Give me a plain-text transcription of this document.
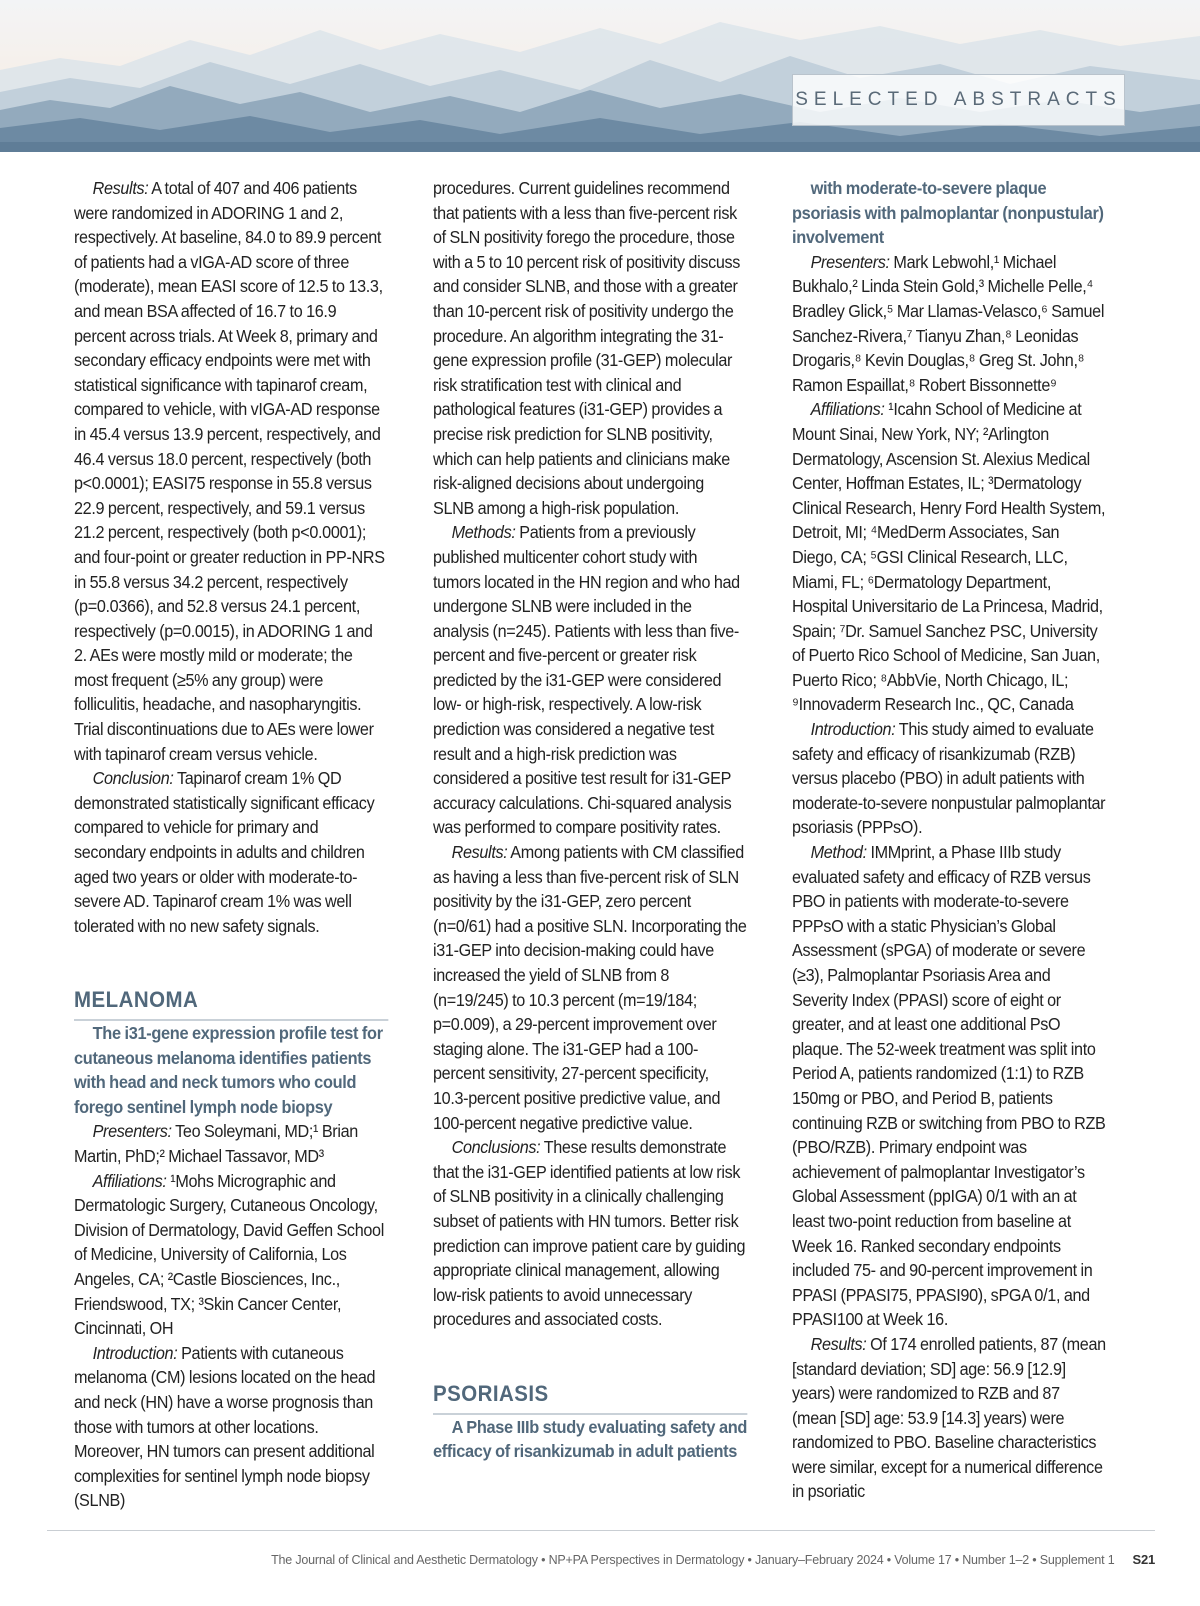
SELECTED ABSTRACTS

Results: A total of 407 and 406 patients were randomized in ADORING 1 and 2, respectively. At baseline, 84.0 to 89.9 percent of patients had a vIGA-AD score of three (moderate), mean EASI score of 12.5 to 13.3, and mean BSA affected of 16.7 to 16.9 percent across trials. At Week 8, primary and secondary efficacy endpoints were met with statistical significance with tapinarof cream, compared to vehicle, with vIGA-AD response in 45.4 versus 13.9 percent, respectively, and 46.4 versus 18.0 percent, respectively (both p<0.0001); EASI75 response in 55.8 versus 22.9 percent, respectively, and 59.1 versus 21.2 percent, respectively (both p<0.0001); and four-point or greater reduction in PP-NRS in 55.8 versus 34.2 percent, respectively (p=0.0366), and 52.8 versus 24.1 percent, respectively (p=0.0015), in ADORING 1 and 2. AEs were mostly mild or moderate; the most frequent (≥5% any group) were folliculitis, headache, and nasopharyngitis. Trial discontinuations due to AEs were lower with tapinarof cream versus vehicle.

Conclusion: Tapinarof cream 1% QD demonstrated statistically significant efficacy compared to vehicle for primary and secondary endpoints in adults and children aged two years or older with moderate-to-severe AD. Tapinarof cream 1% was well tolerated with no new safety signals.

MELANOMA

The i31-gene expression profile test for cutaneous melanoma identifies patients with head and neck tumors who could forego sentinel lymph node biopsy

Presenters: Teo Soleymani, MD;¹ Brian Martin, PhD;² Michael Tassavor, MD³

Affiliations: ¹Mohs Micrographic and Dermatologic Surgery, Cutaneous Oncology, Division of Dermatology, David Geffen School of Medicine, University of California, Los Angeles, CA; ²Castle Biosciences, Inc., Friendswood, TX; ³Skin Cancer Center, Cincinnati, OH

Introduction: Patients with cutaneous melanoma (CM) lesions located on the head and neck (HN) have a worse prognosis than those with tumors at other locations. Moreover, HN tumors can present additional complexities for sentinel lymph node biopsy (SLNB)

procedures. Current guidelines recommend that patients with a less than five-percent risk of SLN positivity forego the procedure, those with a 5 to 10 percent risk of positivity discuss and consider SLNB, and those with a greater than 10-percent risk of positivity undergo the procedure. An algorithm integrating the 31-gene expression profile (31-GEP) molecular risk stratification test with clinical and pathological features (i31-GEP) provides a precise risk prediction for SLNB positivity, which can help patients and clinicians make risk-aligned decisions about undergoing SLNB among a high-risk population.

Methods: Patients from a previously published multicenter cohort study with tumors located in the HN region and who had undergone SLNB were included in the analysis (n=245). Patients with less than five-percent and five-percent or greater risk predicted by the i31-GEP were considered low- or high-risk, respectively. A low-risk prediction was considered a negative test result and a high-risk prediction was considered a positive test result for i31-GEP accuracy calculations. Chi-squared analysis was performed to compare positivity rates.

Results: Among patients with CM classified as having a less than five-percent risk of SLN positivity by the i31-GEP, zero percent (n=0/61) had a positive SLN. Incorporating the i31-GEP into decision-making could have increased the yield of SLNB from 8 (n=19/245) to 10.3 percent (m=19/184; p=0.009), a 29-percent improvement over staging alone. The i31-GEP had a 100-percent sensitivity, 27-percent specificity, 10.3-percent positive predictive value, and 100-percent negative predictive value.

Conclusions: These results demonstrate that the i31-GEP identified patients at low risk of SLNB positivity in a clinically challenging subset of patients with HN tumors. Better risk prediction can improve patient care by guiding appropriate clinical management, allowing low-risk patients to avoid unnecessary procedures and associated costs.

PSORIASIS

A Phase IIIb study evaluating safety and efficacy of risankizumab in adult patients

with moderate-to-severe plaque psoriasis with palmoplantar (nonpustular) involvement

Presenters: Mark Lebwohl,¹ Michael Bukhalo,² Linda Stein Gold,³ Michelle Pelle,⁴ Bradley Glick,⁵ Mar Llamas-Velasco,⁶ Samuel Sanchez-Rivera,⁷ Tianyu Zhan,⁸ Leonidas Drogaris,⁸ Kevin Douglas,⁸ Greg St. John,⁸ Ramon Espaillat,⁸ Robert Bissonnette⁹

Affiliations: ¹Icahn School of Medicine at Mount Sinai, New York, NY; ²Arlington Dermatology, Ascension St. Alexius Medical Center, Hoffman Estates, IL; ³Dermatology Clinical Research, Henry Ford Health System, Detroit, MI; ⁴MedDerm Associates, San Diego, CA; ⁵GSI Clinical Research, LLC, Miami, FL; ⁶Dermatology Department, Hospital Universitario de La Princesa, Madrid, Spain; ⁷Dr. Samuel Sanchez PSC, University of Puerto Rico School of Medicine, San Juan, Puerto Rico; ⁸AbbVie, North Chicago, IL; ⁹Innovaderm Research Inc., QC, Canada

Introduction: This study aimed to evaluate safety and efficacy of risankizumab (RZB) versus placebo (PBO) in adult patients with moderate-to-severe nonpustular palmoplantar psoriasis (PPPsO).

Method: IMMprint, a Phase IIIb study evaluated safety and efficacy of RZB versus PBO in patients with moderate-to-severe PPPsO with a static Physician’s Global Assessment (sPGA) of moderate or severe (≥3), Palmoplantar Psoriasis Area and Severity Index (PPASI) score of eight or greater, and at least one additional PsO plaque. The 52-week treatment was split into Period A, patients randomized (1:1) to RZB 150mg or PBO, and Period B, patients continuing RZB or switching from PBO to RZB (PBO/RZB). Primary endpoint was achievement of palmoplantar Investigator’s Global Assessment (ppIGA) 0/1 with an at least two-point reduction from baseline at Week 16. Ranked secondary endpoints included 75- and 90-percent improvement in PPASI (PPASI75, PPASI90), sPGA 0/1, and PPASI100 at Week 16.

Results: Of 174 enrolled patients, 87 (mean [standard deviation; SD] age: 56.9 [12.9] years) were randomized to RZB and 87 (mean [SD] age: 53.9 [14.3] years) were randomized to PBO. Baseline characteristics were similar, except for a numerical difference in psoriatic

The Journal of Clinical and Aesthetic Dermatology • NP+PA Perspectives in Dermatology • January–February 2024 • Volume 17 • Number 1–2 • Supplement 1 S21
